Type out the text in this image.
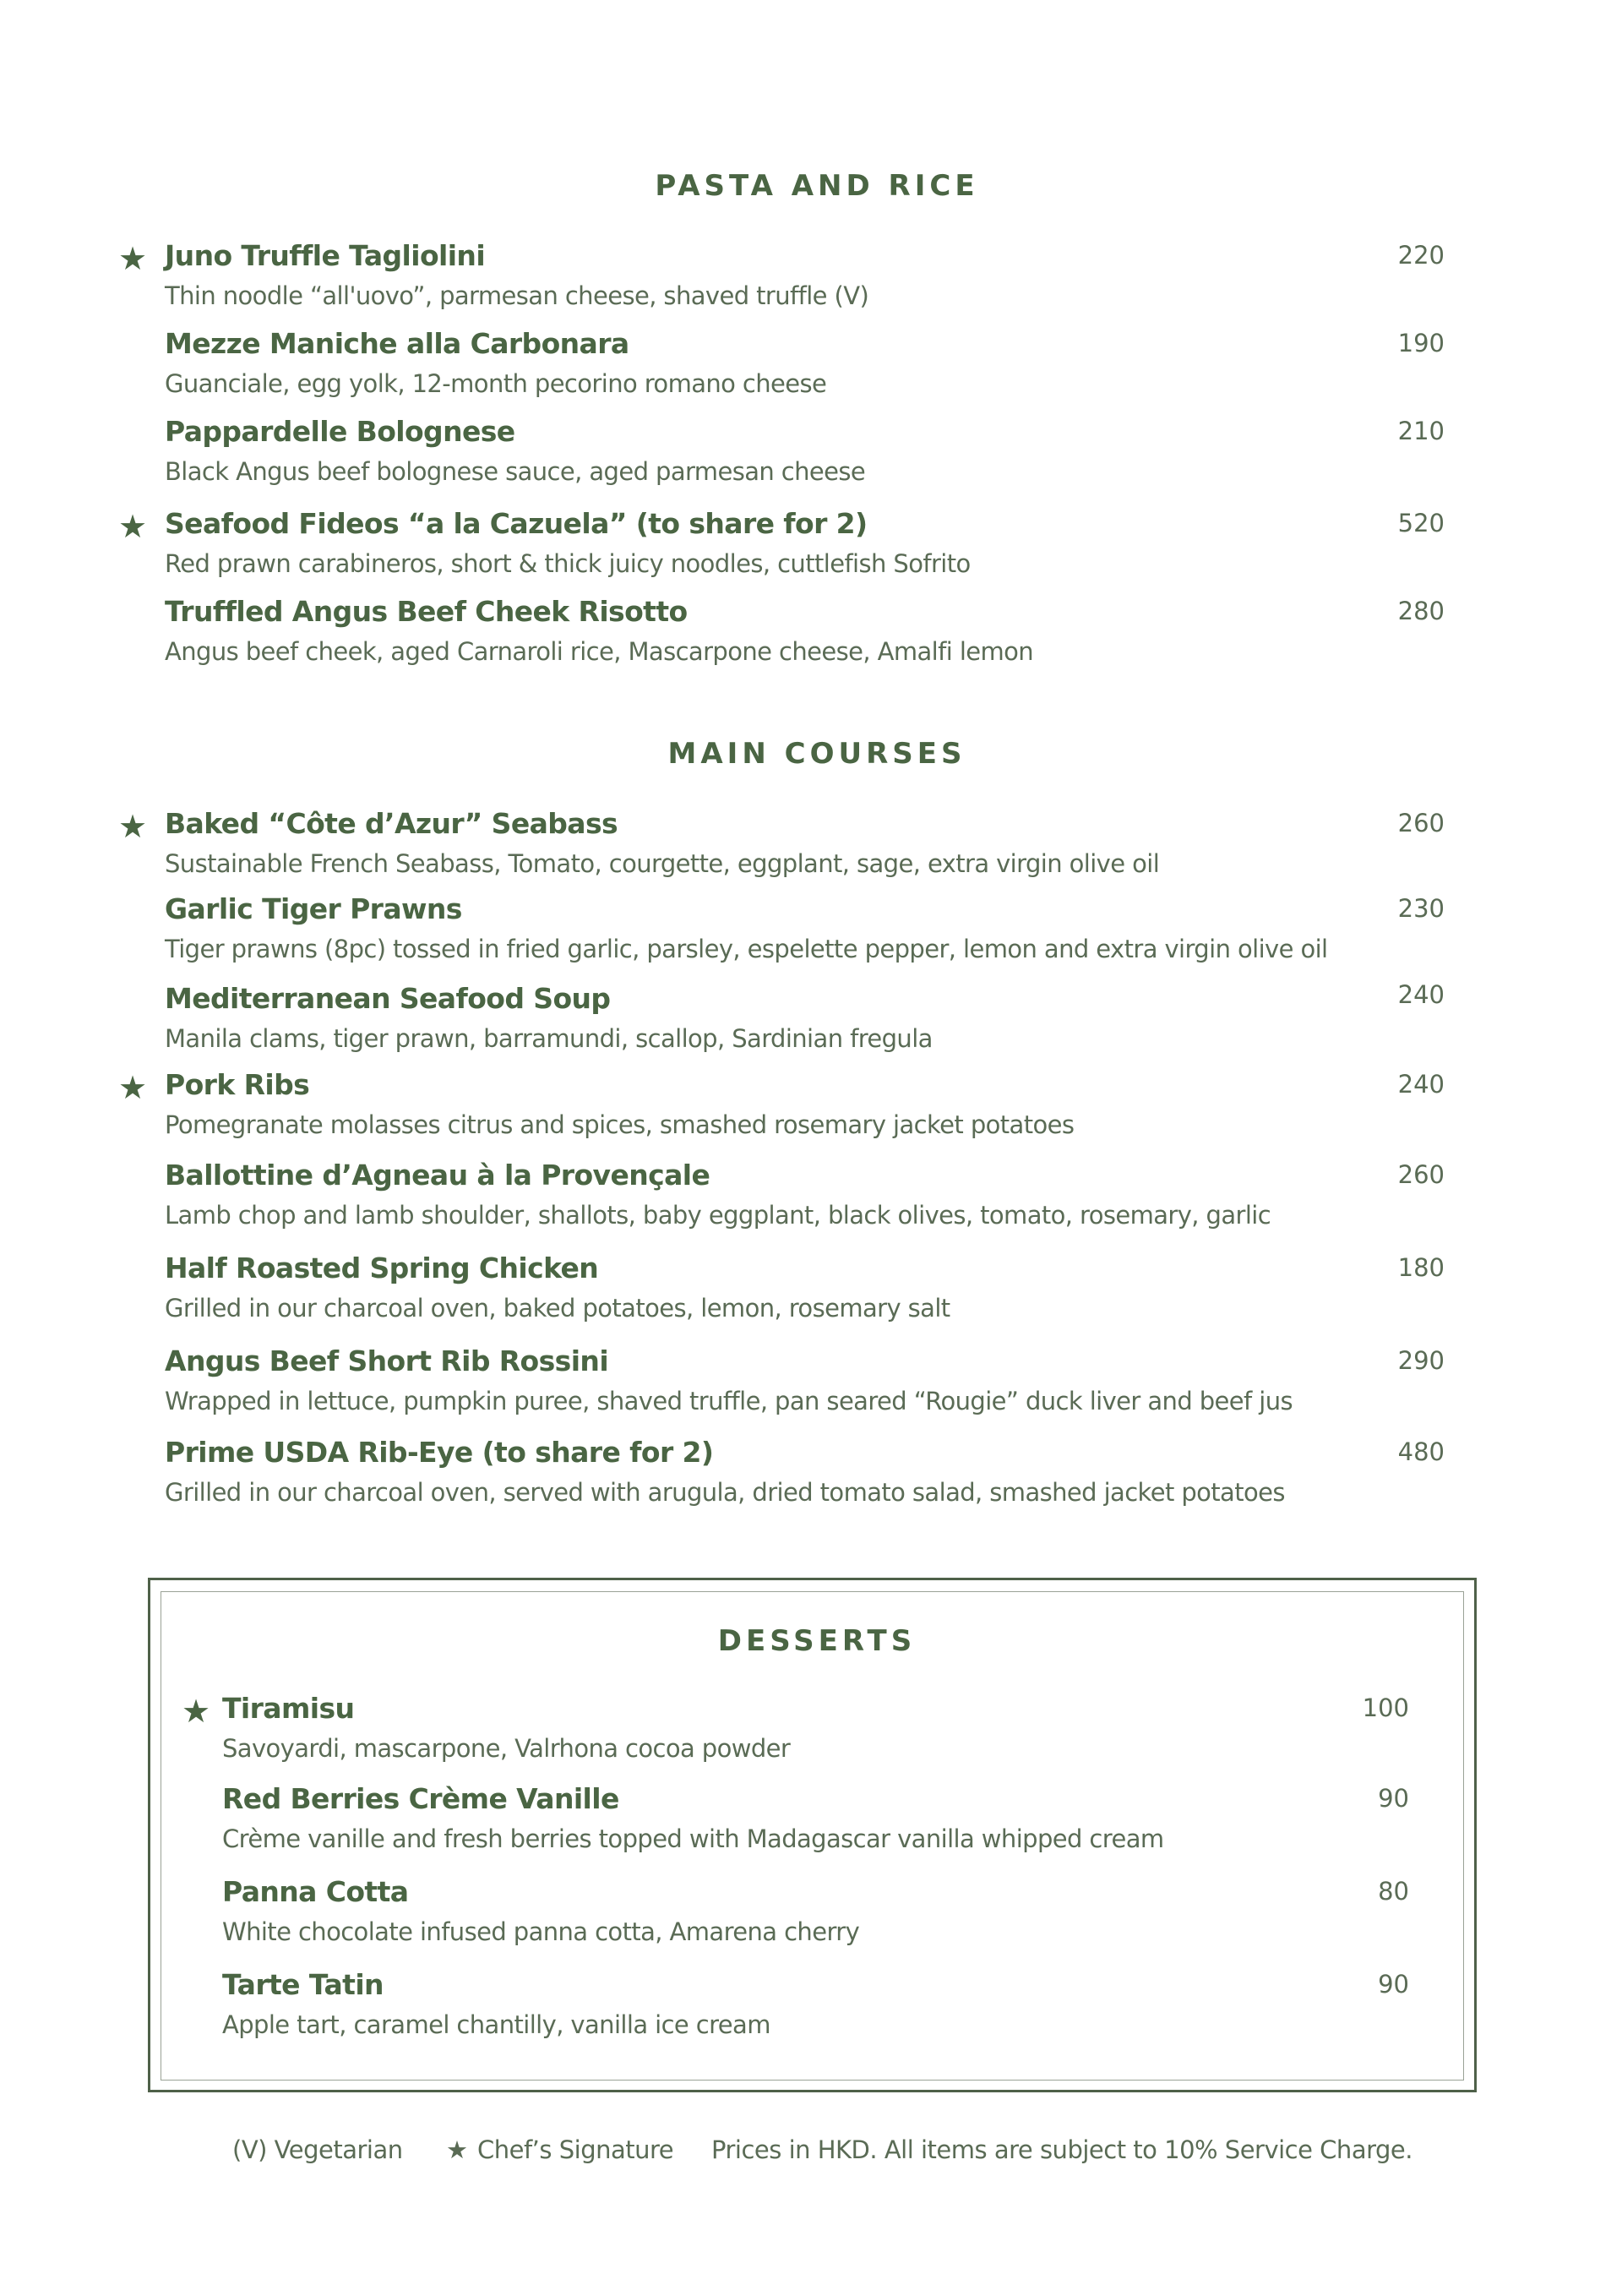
PASTA AND RICE
★ Juno Truffle Tagliolini	220
Thin noodle “all'uovo”, parmesan cheese, shaved truffle (V)
Mezze Maniche alla Carbonara	190
Guanciale, egg yolk, 12-month pecorino romano cheese
Pappardelle Bolognese	210
Black Angus beef bolognese sauce, aged parmesan cheese
★ Seafood Fideos “a la Cazuela” (to share for 2)	520
Red prawn carabineros, short & thick juicy noodles, cuttlefish Sofrito
Truffled Angus Beef Cheek Risotto	280
Angus beef cheek, aged Carnaroli rice, Mascarpone cheese, Amalfi lemon
MAIN COURSES
★ Baked “Côte d’Azur” Seabass	260
Sustainable French Seabass, Tomato, courgette, eggplant, sage, extra virgin olive oil
Garlic Tiger Prawns	230
Tiger prawns (8pc) tossed in fried garlic, parsley, espelette pepper, lemon and extra virgin olive oil
Mediterranean Seafood Soup	240
Manila clams, tiger prawn, barramundi, scallop, Sardinian fregula
★ Pork Ribs	240
Pomegranate molasses citrus and spices, smashed rosemary jacket potatoes
Ballottine d’Agneau à la Provençale	260
Lamb chop and lamb shoulder, shallots, baby eggplant, black olives, tomato, rosemary, garlic
Half Roasted Spring Chicken	180
Grilled in our charcoal oven, baked potatoes, lemon, rosemary salt
Angus Beef Short Rib Rossini	290
Wrapped in lettuce, pumpkin puree, shaved truffle, pan seared “Rougie” duck liver and beef jus
Prime USDA Rib-Eye (to share for 2)	480
Grilled in our charcoal oven, served with arugula, dried tomato salad, smashed jacket potatoes
DESSERTS
★ Tiramisu	100
Savoyardi, mascarpone, Valrhona cocoa powder
Red Berries Crème Vanille	90
Crème vanille and fresh berries topped with Madagascar vanilla whipped cream
Panna Cotta	80
White chocolate infused panna cotta, Amarena cherry
Tarte Tatin	90
Apple tart, caramel chantilly, vanilla ice cream
(V) Vegetarian ★ Chef’s Signature Prices in HKD. All items are subject to 10% Service Charge.
